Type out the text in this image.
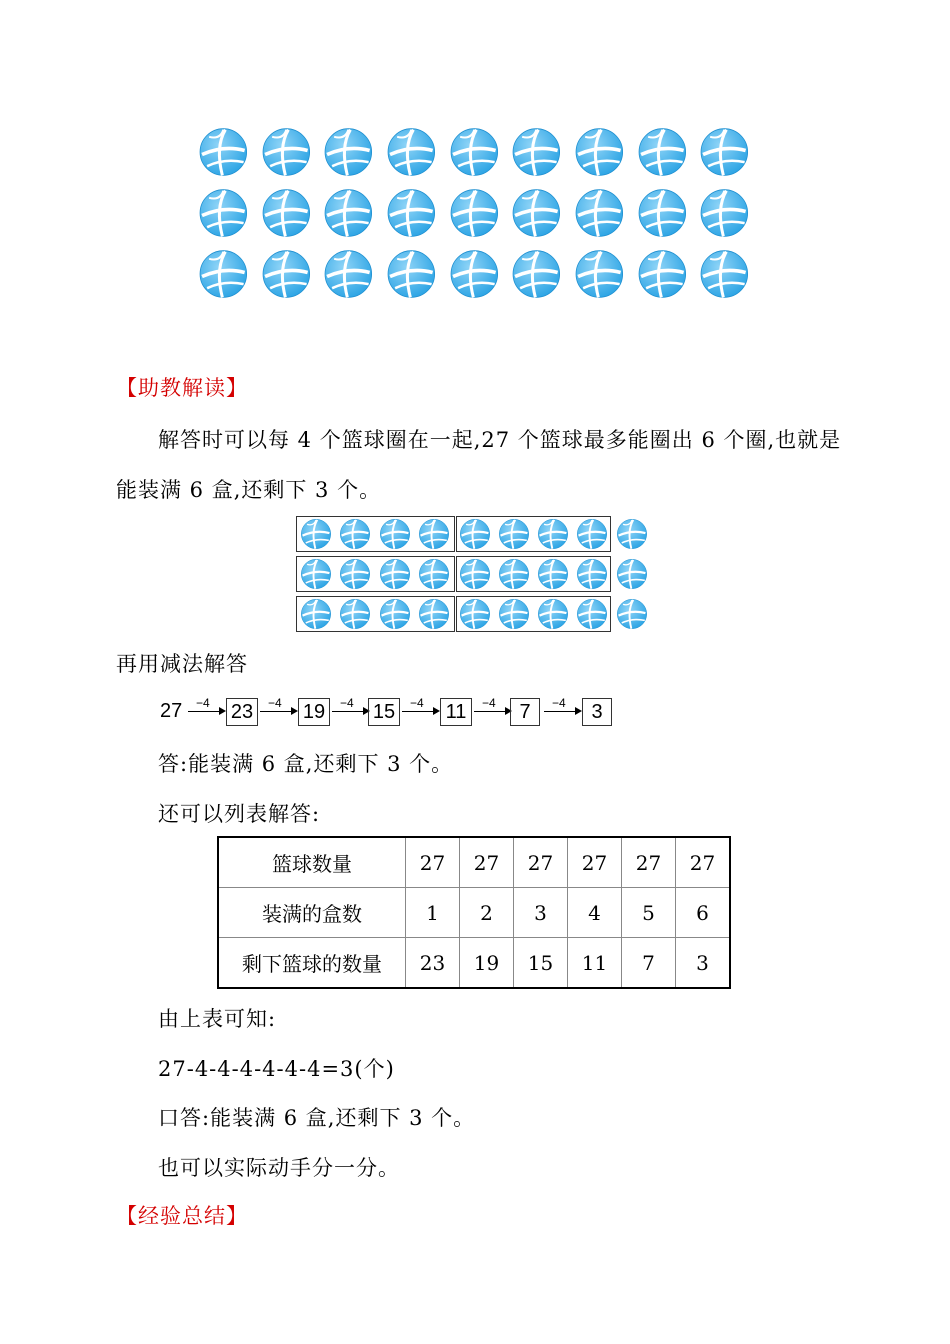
【助教解读】
解答时可以每 4 个篮球圈在一起,27 个篮球最多能圈出 6 个圈,也就是
能装满 6 盒,还剩下 3 个。
再用减法解答
27 −4 23	−4 19	−4 15	−4 11	−4	7	−4	3
答:能装满 6 盒,还剩下 3 个。
还可以列表解答:
篮球数量	27	27	27	27	27	27
装满的盒数	1	2	3	4	5	6
剩下篮球的数量	23	19	15	11	7	3
由上表可知:
27-4-4-4-4-4-4=3(个)
口答:能装满 6 盒,还剩下 3 个。
也可以实际动手分一分。
【经验总结】
